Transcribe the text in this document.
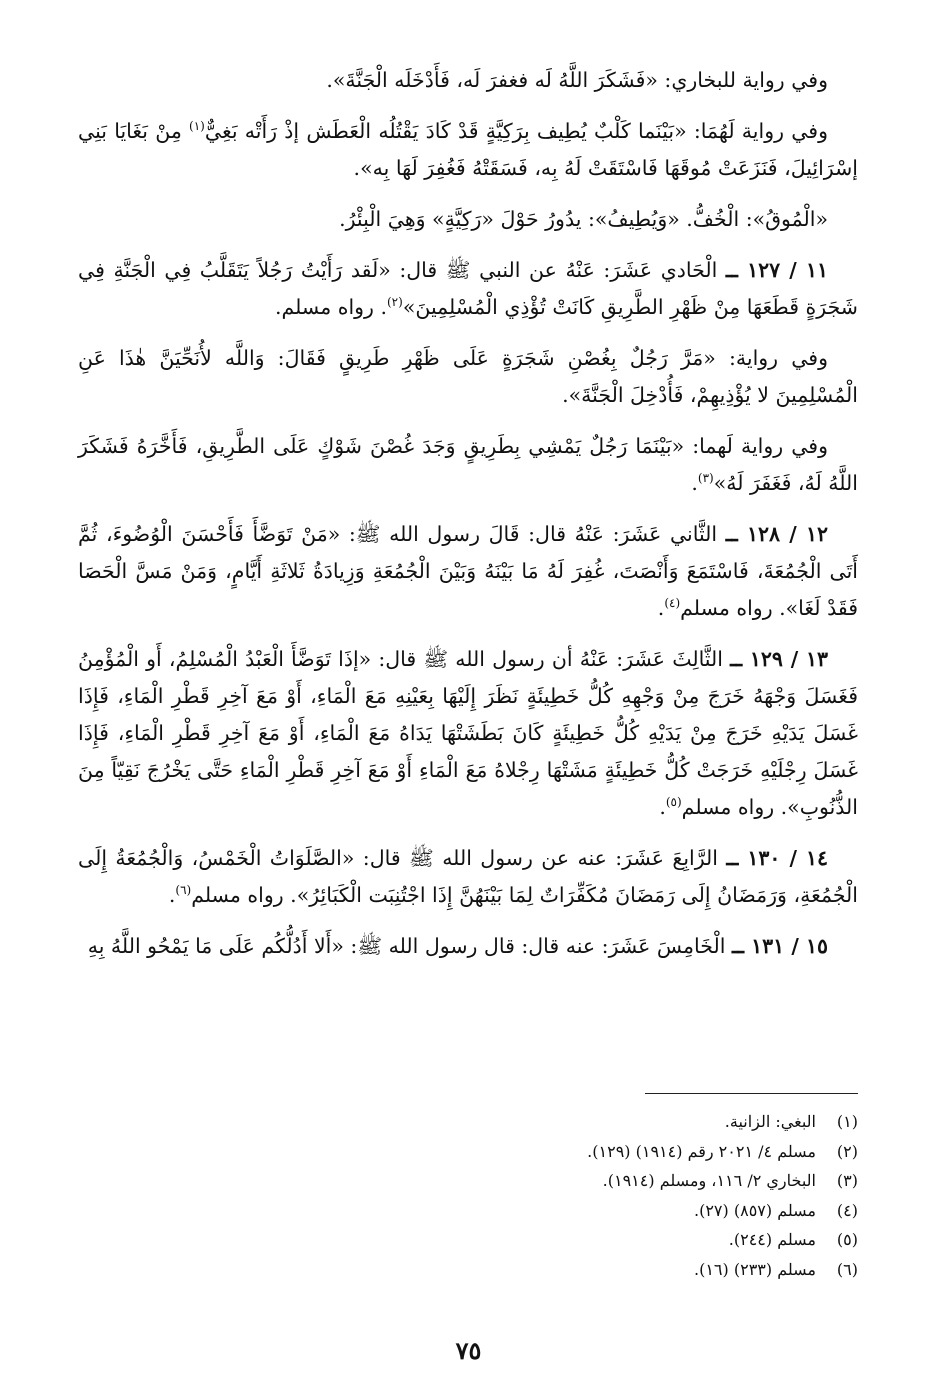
وفي رواية للبخاري: «فَشَكَرَ اللَّهُ لَه فغفرَ لَه، فَأَدْخَلَه الْجَنَّةَ».

وفي رواية لَهُمَا: «بَيْنَما كَلْبٌ يُطِيف بِرَكِيَّةٍ قَدْ كَادَ يَقْتُلُه الْعَطَش إذْ رَأَتْه بَغِيٌّ$^{(١)}$ مِنْ بَغَايَا بَنِي إسْرَائِيلَ، فَنَزَعَتْ مُوقَهَا فَاسْتَقَتْ لَهُ بِه، فَسَقَتْهُ فَغُفِرَ لَهَا بِه».

«الْمُوقُ»: الْخُفُّ. «وَيُطِيفُ»: يدُورُ حَوْلَ «رَكِيَّةٍ» وَهِيَ الْبِئْرُ.

١١ / ١٢٧ ــ الْحَادي عَشَرَ: عَنْهُ عن النبي ﷺ قال: «لَقد رَأَيْتُ رَجُلاً يَتَقَلَّبُ فِي الْجَنَّةِ فِي شَجَرَةٍ قَطَعَهَا مِنْ ظَهْرِ الطَّرِيقِ كَانَتْ تُؤْذِي الْمُسْلِمِينَ»$^{(٢)}$. رواه مسلم.

وفي رواية: «مَرَّ رَجُلٌ بِغُصْنِ شَجَرَةٍ عَلَى ظَهْرِ طَرِيقٍ فَقَالَ: وَاللَّه لأُنَحِّيَنَّ هٰذَا عَنِ الْمُسْلِمِينَ لا يُؤْذِيهِمْ، فَأُدْخِلَ الْجَنَّةَ».

وفي رواية لَهما: «بَيْنَمَا رَجُلٌ يَمْشِي بِطَرِيقٍ وَجَدَ غُصْنَ شَوْكٍ عَلَى الطَّرِيقِ، فَأَخَّرَهُ فَشَكَرَ اللَّهُ لَهُ، فَغَفَرَ لَهُ»$^{(٣)}$.

١٢ / ١٢٨ ــ الثَّاني عَشَرَ: عَنْهُ قال: قَالَ رسول الله ﷺ: «مَنْ تَوَضَّأَ فَأَحْسَنَ الْوُضُوءَ، ثُمَّ أَتَى الْجُمُعَةَ، فَاسْتَمَعَ وَأَنْصَتَ، غُفِرَ لَهُ مَا بَيْنَهُ وَبَيْنَ الْجُمُعَةِ وَزِيادَةُ ثَلاثَةِ أَيَّامٍ، وَمَنْ مَسَّ الْحَصَا فَقَدْ لَغَا». رواه مسلم$^{(٤)}$.

١٣ / ١٢٩ ــ الثَّالِثَ عَشَرَ: عَنْهُ أن رسول الله ﷺ قال: «إذَا تَوَضَّأَ الْعَبْدُ الْمُسْلِمُ، أَو الْمُؤْمِنُ فَغَسَلَ وَجْهَهُ خَرَجَ مِنْ وَجْهِهِ كُلُّ خَطِيئَةٍ نَظَرَ إِلَيْهَا بِعَيْنِهِ مَعَ الْمَاءِ، أَوْ مَعَ آخِرِ قَطْرِ الْمَاءِ، فَإِذَا غَسَلَ يَدَيْهِ خَرَجَ مِنْ يَدَيْهِ كُلُّ خَطِيئَةٍ كَانَ بَطَشَتْهَا يَدَاهُ مَعَ الْمَاءِ، أَوْ مَعَ آخِرِ قَطْرِ الْمَاءِ، فَإِذَا غَسَلَ رِجْلَيْهِ خَرَجَتْ كُلُّ خَطِيئَةٍ مَشَتْهَا رِجْلاهُ مَعَ الْمَاءِ أَوْ مَعَ آخِرِ قَطْرِ الْمَاءِ حَتَّى يَخْرُجَ نَقِيّاً مِنَ الذُّنُوبِ». رواه مسلم$^{(٥)}$.

١٤ / ١٣٠ ــ الرَّابِعَ عَشَرَ: عنه عن رسول الله ﷺ قال: «الصَّلَوَاتُ الْخَمْسُ، وَالْجُمُعَةُ إِلَى الْجُمُعَةِ، وَرَمَضَانُ إِلَى رَمَضَانَ مُكَفِّرَاتٌ لِمَا بَيْنَهُنَّ إِذَا اجْتُنِبَت الْكَبَائِرُ». رواه مسلم$^{(٦)}$.

١٥ / ١٣١ ــ الْخَامِسَ عَشَرَ: عنه قال: قال رسول الله ﷺ: «أَلا أَدُلُّكُم عَلَى مَا يَمْحُو اللَّهُ بِهِ

(١)
البغي: الزانية.
(٢)
مسلم ٤/ ٢٠٢١ رقم (١٩١٤) (١٢٩).
(٣)
البخاري ٢/ ١١٦، ومسلم (١٩١٤).
(٤)
مسلم (٨٥٧) (٢٧).
(٥)
مسلم (٢٤٤).
(٦)
مسلم (٢٣٣) (١٦).
٧٥
